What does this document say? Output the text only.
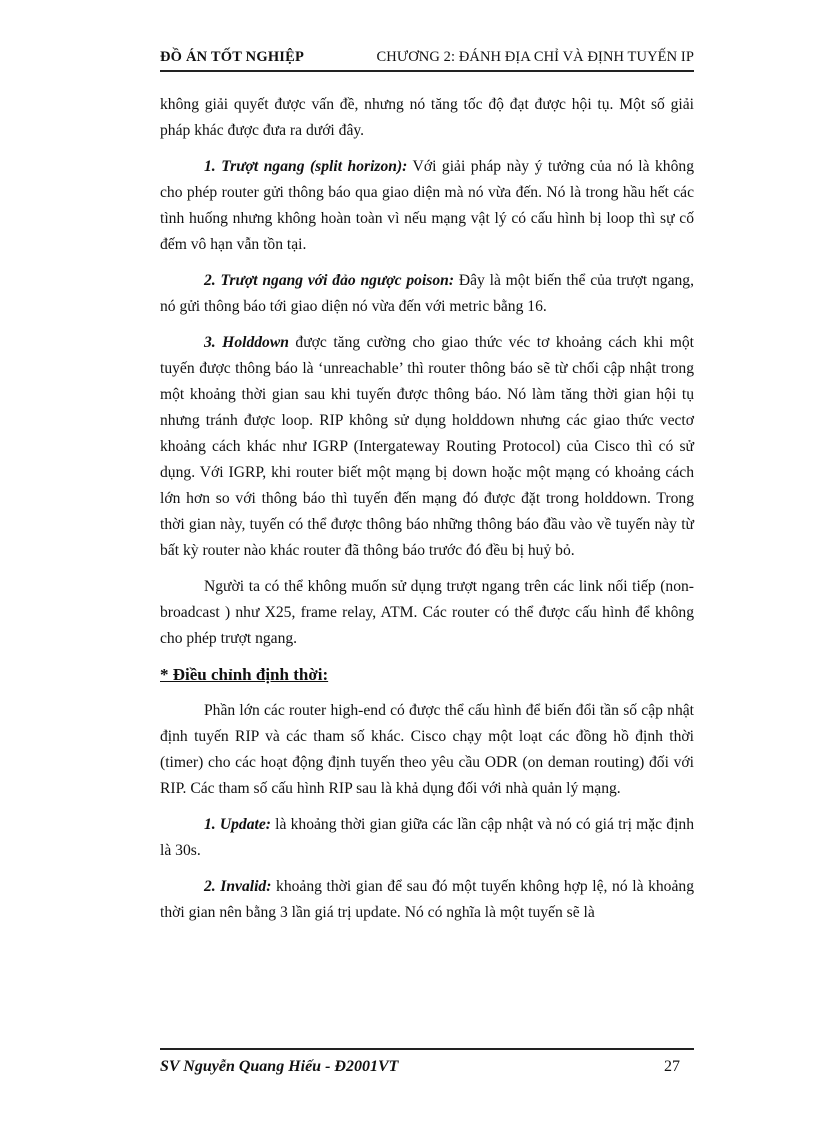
ĐỒ ÁN TỐT NGHIỆP	CHƯƠNG 2: ĐÁNH ĐỊA CHỈ VÀ ĐỊNH TUYẾN IP

không giải quyết được vấn đề, nhưng nó tăng tốc độ đạt được hội tụ. Một số giải pháp khác được đưa ra dưới đây.

1. Trượt ngang (split horizon): Với giải pháp này ý tưởng của nó là không cho phép router gửi thông báo qua giao diện mà nó vừa đến. Nó là trong hầu hết các tình huống nhưng không hoàn toàn vì nếu mạng vật lý có cấu hình bị loop thì sự cố đếm vô hạn vẫn tồn tại.

2. Trượt ngang với đảo ngược poison: Đây là một biến thể của trượt ngang, nó gửi thông báo tới giao diện nó vừa đến với metric bằng 16.

3. Holddown được tăng cường cho giao thức véc tơ khoảng cách khi một tuyến được thông báo là ‘unreachable’ thì router thông báo sẽ từ chối cập nhật trong một khoảng thời gian sau khi tuyến được thông báo. Nó làm tăng thời gian hội tụ nhưng tránh được loop. RIP không sử dụng holddown nhưng các giao thức vectơ khoảng cách khác như IGRP (Intergateway Routing Protocol) của Cisco thì có sử dụng. Với IGRP, khi router biết một mạng bị down hoặc một mạng có khoảng cách lớn hơn so với thông báo thì tuyến đến mạng đó được đặt trong holddown. Trong thời gian này, tuyến có thể được thông báo những thông báo đầu vào về tuyến này từ bất kỳ router nào khác router đã thông báo trước đó đều bị huỷ bỏ.

Người ta có thể không muốn sử dụng trượt ngang trên các link nối tiếp (non-broadcast ) như X25, frame relay, ATM. Các router có thể được cấu hình để không cho phép trượt ngang.

* Điều chỉnh định thời:

Phần lớn các router high-end có được thể cấu hình để biến đổi tần số cập nhật định tuyến RIP và các tham số khác. Cisco chạy một loạt các đồng hồ định thời (timer) cho các hoạt động định tuyến theo yêu cầu ODR (on deman routing) đối với RIP. Các tham số cấu hình RIP sau là khả dụng đối với nhà quản lý mạng.

1. Update: là khoảng thời gian giữa các lần cập nhật và nó có giá trị mặc định là 30s.

2. Invalid: khoảng thời gian để sau đó một tuyến không hợp lệ, nó là khoảng thời gian nên bằng 3 lần giá trị update. Nó có nghĩa là một tuyến sẽ là

SV Nguyễn Quang Hiếu - Đ2001VT	27
